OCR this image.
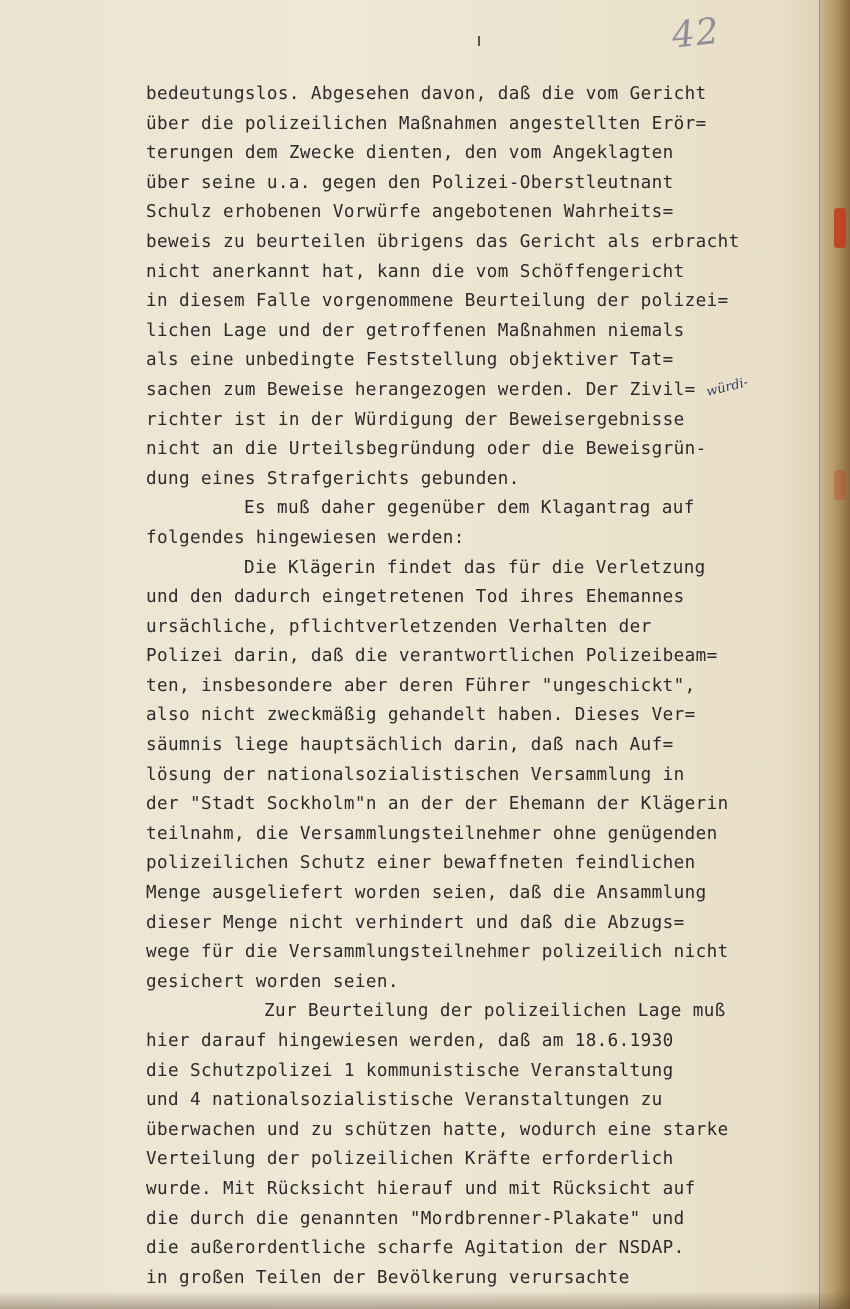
42
würdi-
bedeutungslos. Abgesehen davon, daß die vom Gericht
über die polizeilichen Maßnahmen angestellten Erör=
terungen dem Zwecke dienten, den vom Angeklagten
über seine u.a. gegen den Polizei-Oberstleutnant
Schulz erhobenen Vorwürfe angebotenen Wahrheits=
beweis zu beurteilen übrigens das Gericht als erbracht
nicht anerkannt hat, kann die vom Schöffengericht
in diesem Falle vorgenommene Beurteilung der polizei=
lichen Lage und der getroffenen Maßnahmen niemals
als eine unbedingte Feststellung objektiver Tat=
sachen zum Beweise herangezogen werden. Der Zivil=
richter ist in der Würdigung der Beweisergebnisse
nicht an die Urteilsbegründung oder die Beweisgrün-
dung eines Strafgerichts gebunden.
Es muß daher gegenüber dem Klagantrag auf
folgendes hingewiesen werden:
Die Klägerin findet das für die Verletzung
und den dadurch eingetretenen Tod ihres Ehemannes
ursächliche, pflichtverletzenden Verhalten der
Polizei darin, daß die verantwortlichen Polizeibeam=
ten, insbesondere aber deren Führer "ungeschickt",
also nicht zweckmäßig gehandelt haben. Dieses Ver=
säumnis liege hauptsächlich darin, daß nach Auf=
lösung der nationalsozialistischen Versammlung in
der "Stadt Sockholm"n an der der Ehemann der Klägerin
teilnahm, die Versammlungsteilnehmer ohne genügenden
polizeilichen Schutz einer bewaffneten feindlichen
Menge ausgeliefert worden seien, daß die Ansammlung
dieser Menge nicht verhindert und daß die Abzugs=
wege für die Versammlungsteilnehmer polizeilich nicht
gesichert worden seien.
Zur Beurteilung der polizeilichen Lage muß
hier darauf hingewiesen werden, daß am 18.6.1930
die Schutzpolizei 1 kommunistische Veranstaltung
und 4 nationalsozialistische Veranstaltungen zu
überwachen und zu schützen hatte, wodurch eine starke
Verteilung der polizeilichen Kräfte erforderlich
wurde. Mit Rücksicht hierauf und mit Rücksicht auf
die durch die genannten "Mordbrenner-Plakate" und
die außerordentliche scharfe Agitation der NSDAP.
in großen Teilen der Bevölkerung verursachte
